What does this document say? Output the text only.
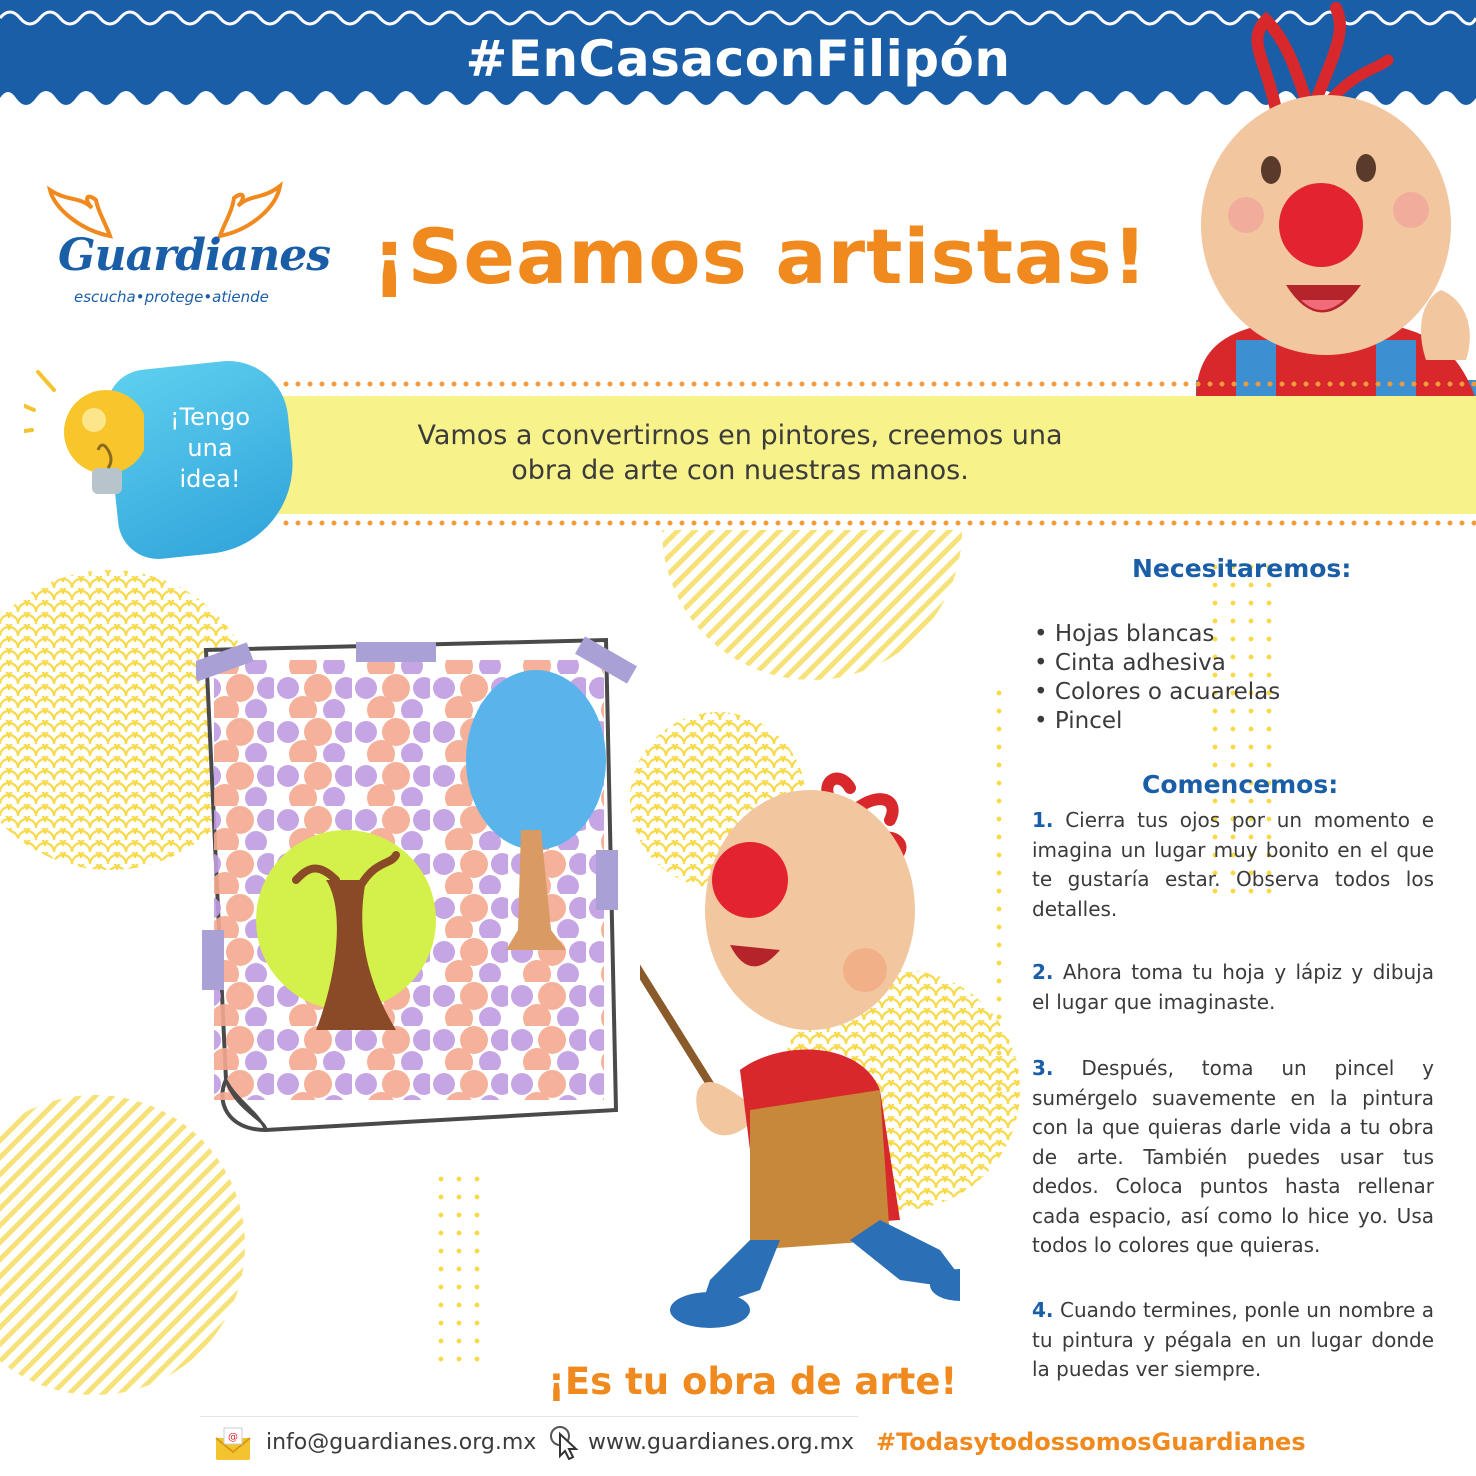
#EnCasaconFilipón
Guardianes
escucha•protege•atiende ¡Seamos artistas!
Vamos a convertirnos en pintores, creemos una
obra de arte con nuestras manos.
¡Tengo
una
idea!
Necesitaremos:
• Hojas blancas
• Cinta adhesiva
• Colores o acuarelas
• Pincel
Comencemos:
1. Cierra tus ojos por un momento e imagina un lugar muy bonito en el que te gustaría estar. Observa todos los detalles.
2. Ahora toma tu hoja y lápiz y dibuja el lugar que imaginaste.
3. Después, toma un pincel y sumérgelo suavemente en la pintura con la que quieras darle vida a tu obra de arte. También puedes usar tus dedos. Coloca puntos hasta rellenar cada espacio, así como lo hice yo. Usa todos lo colores que quieras.
4. Cuando termines, ponle un nombre a tu pintura y pégala en un lugar donde la puedas ver siempre.
¡Es tu obra de arte!
@ info@guardianes.org.mx www.guardianes.org.mx #TodasytodossomosGuardianes
